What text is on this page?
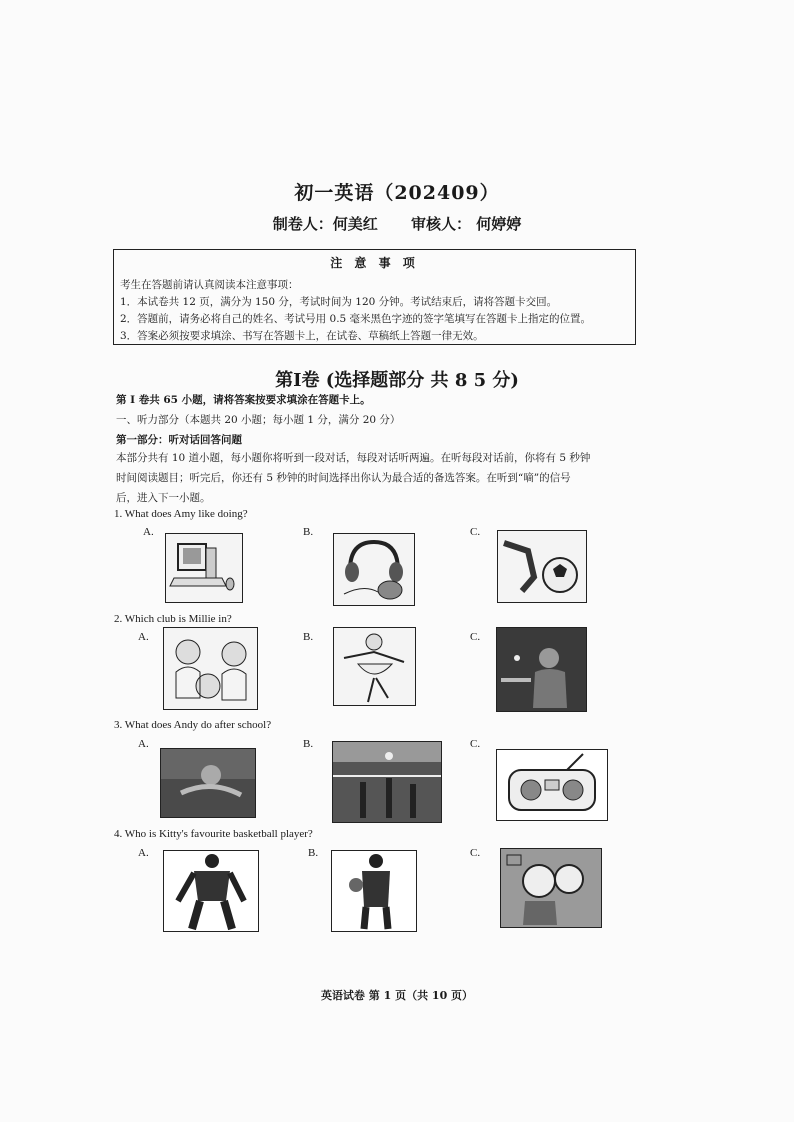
初一英语（202409）
制卷人：何美红 审核人： 何婷婷
注 意 事 项
考生在答题前请认真阅读本注意事项：
1．本试卷共 12 页，满分为 150 分，考试时间为 120 分钟。考试结束后，请将答题卡交回。
2．答题前，请务必将自己的姓名、考试号用 0.5 毫米黑色字迹的签字笔填写在答题卡上指定的位置。
3．答案必须按要求填涂、书写在答题卡上，在试卷、草稿纸上答题一律无效。
第Ⅰ卷 (选择题部分 共 8 5 分)
第 I 卷共 65 小题，请将答案按要求填涂在答题卡上。
一、听力部分（本题共 20 小题；每小题 1 分，满分 20 分）
第一部分：听对话回答问题
本部分共有 10 道小题，每小题你将听到一段对话，每段对话听两遍。在听每段对话前，你将有 5 秒钟
时间阅读题目；听完后，你还有 5 秒钟的时间选择出你认为最合适的备选答案。在听到“嘀”的信号
后，进入下一小题。
1. What does Amy like doing?
A.	B.	C.
2. Which club is Millie in?
A.	B.	C.
3. What does Andy do after school?
A.	B.	C.
4. Who is Kitty's favourite basketball player?
A.	B.	C.
英语试卷 第 1 页（共 10 页）
